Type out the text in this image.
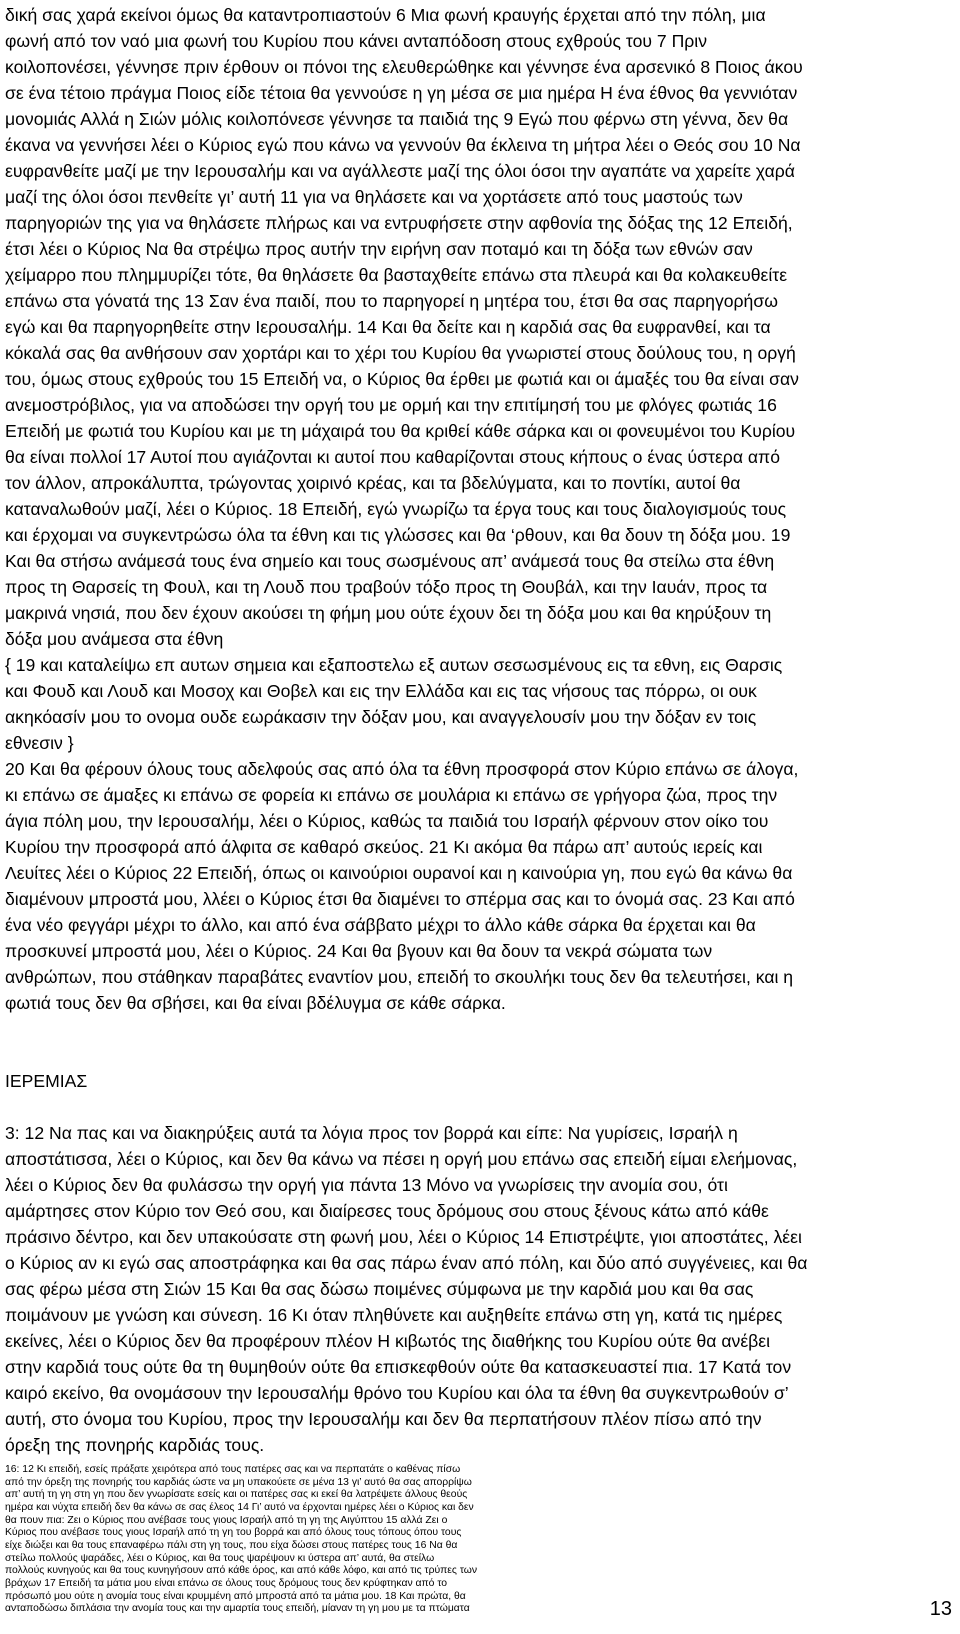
δική σας χαρά εκείνοι όμως θα καταντροπιαστούν 6 Μια φωνή κραυγής έρχεται από την πόλη, μια
φωνή από τον ναό μια φωνή του Κυρίου που κάνει ανταπόδοση στους εχθρούς του 7 Πριν
κοιλοπονέσει, γέννησε πριν έρθουν οι πόνοι της ελευθερώθηκε και γέννησε ένα αρσενικό 8 Ποιος άκου
σε ένα τέτοιο πράγμα Ποιος είδε τέτοια θα γεννούσε η γη μέσα σε μια ημέρα Η ένα έθνος θα γεννιόταν
μονομιάς Αλλά η Σιών μόλις κοιλοπόνεσε γέννησε τα παιδιά της 9 Εγώ που φέρνω στη γέννα, δεν θα
έκανα να γεννήσει λέει ο Κύριος εγώ που κάνω να γεννούν θα έκλεινα τη μήτρα λέει ο Θεός σου 10 Να
ευφρανθείτε μαζί με την Ιερουσαλήμ και να αγάλλεστε μαζί της όλοι όσοι την αγαπάτε να χαρείτε χαρά
μαζί της όλοι όσοι πενθείτε γι’ αυτή 11 για να θηλάσετε και να χορτάσετε από τους μαστούς των
παρηγοριών της για να θηλάσετε πλήρως και να εντρυφήσετε στην αφθονία της δόξας της 12 Επειδή,
έτσι λέει ο Κύριος Να θα στρέψω προς αυτήν την ειρήνη σαν ποταμό και τη δόξα των εθνών σαν
χείμαρρο που πλημμυρίζει τότε, θα θηλάσετε θα βασταχθείτε επάνω στα πλευρά και θα κολακευθείτε
επάνω στα γόνατά της 13 Σαν ένα παιδί, που το παρηγορεί η μητέρα του, έτσι θα σας παρηγορήσω
εγώ και θα παρηγορηθείτε στην Ιερουσαλήμ. 14 Και θα δείτε και η καρδιά σας θα ευφρανθεί, και τα
κόκαλά σας θα ανθήσουν σαν χορτάρι και το χέρι του Κυρίου θα γνωριστεί στους δούλους του, η οργή
του, όμως στους εχθρούς του 15 Επειδή να, ο Κύριος θα έρθει με φωτιά και οι άμαξές του θα είναι σαν
ανεμοστρόβιλος, για να αποδώσει την οργή του με ορμή και την επιτίμησή του με φλόγες φωτιάς 16
Επειδή με φωτιά του Κυρίου και με τη μάχαιρά του θα κριθεί κάθε σάρκα και οι φονευμένοι του Κυρίου
θα είναι πολλοί 17 Αυτοί που αγιάζονται κι αυτοί που καθαρίζονται στους κήπους ο ένας ύστερα από
τον άλλον, απροκάλυπτα, τρώγοντας χοιρινό κρέας, και τα βδελύγματα, και το ποντίκι, αυτοί θα
καταναλωθούν μαζί, λέει ο Κύριος. 18 Επειδή, εγώ γνωρίζω τα έργα τους και τους διαλογισμούς τους
και έρχομαι να συγκεντρώσω όλα τα έθνη και τις γλώσσες και θα ‘ρθουν, και θα δουν τη δόξα μου. 19
Και θα στήσω ανάμεσά τους ένα σημείο και τους σωσμένους απ’ ανάμεσά τους θα στείλω στα έθνη
προς τη Θαρσείς τη Φουλ, και τη Λουδ που τραβούν τόξο προς τη Θουβάλ, και την Ιαυάν, προς τα
μακρινά νησιά, που δεν έχουν ακούσει τη φήμη μου ούτε έχουν δει τη δόξα μου και θα κηρύξουν τη
δόξα μου ανάμεσα στα έθνη
{ 19 και καταλείψω επ αυτων σημεια και εξαποστελω εξ αυτων σεσωσμένους εις τα εθνη, εις Θαρσις
και Φουδ και Λουδ και Μοσοχ και Θοβελ και εις την Ελλάδα και εις τας νήσους τας πόρρω, οι ουκ
ακηκόασίν μου το ονομα ουδε εωράκασιν την δόξαν μου, και αναγγελουσίν μου την δόξαν εν τοις
εθνεσιν }
20 Και θα φέρουν όλους τους αδελφούς σας από όλα τα έθνη προσφορά στον Κύριο επάνω σε άλογα,
κι επάνω σε άμαξες κι επάνω σε φορεία κι επάνω σε μουλάρια κι επάνω σε γρήγορα ζώα, προς την
άγια πόλη μου, την Ιερουσαλήμ, λέει ο Κύριος, καθώς τα παιδιά του Ισραήλ φέρνουν στον οίκο του
Κυρίου την προσφορά από άλφιτα σε καθαρό σκεύος. 21 Κι ακόμα θα πάρω απ’ αυτούς ιερείς και
Λευίτες λέει ο Κύριος 22 Επειδή, όπως οι καινούριοι ουρανοί και η καινούρια γη, που εγώ θα κάνω θα
διαμένουν μπροστά μου, λλέει ο Κύριος έτσι θα διαμένει το σπέρμα σας και το όνομά σας. 23 Και από
ένα νέο φεγγάρι μέχρι το άλλο, και από ένα σάββατο μέχρι το άλλο κάθε σάρκα θα έρχεται και θα
προσκυνεί μπροστά μου, λέει ο Κύριος. 24 Και θα βγουν και θα δουν τα νεκρά σώματα των
ανθρώπων, που στάθηκαν παραβάτες εναντίον μου, επειδή το σκουλήκι τους δεν θα τελευτήσει, και η
φωτιά τους δεν θα σβήσει, και θα είναι βδέλυγμα σε κάθε σάρκα.
ΙΕΡΕΜΙΑΣ
3: 12 Να πας και να διακηρύξεις αυτά τα λόγια προς τον βορρά και είπε: Να γυρίσεις, Ισραήλ η
αποστάτισσα, λέει ο Κύριος, και δεν θα κάνω να πέσει η οργή μου επάνω σας επειδή είμαι ελεήμονας,
λέει ο Κύριος δεν θα φυλάσσω την οργή για πάντα 13 Μόνο να γνωρίσεις την ανομία σου, ότι
αμάρτησες στον Κύριο τον Θεό σου, και διαίρεσες τους δρόμους σου στους ξένους κάτω από κάθε
πράσινο δέντρο, και δεν υπακούσατε στη φωνή μου, λέει ο Κύριος 14 Επιστρέψτε, γιοι αποστάτες, λέει
ο Κύριος αν κι εγώ σας αποστράφηκα και θα σας πάρω έναν από πόλη, και δύο από συγγένειες, και θα
σας φέρω μέσα στη Σιών 15 Και θα σας δώσω ποιμένες σύμφωνα με την καρδιά μου και θα σας
ποιμάνουν με γνώση και σύνεση. 16 Κι όταν πληθύνετε και αυξηθείτε επάνω στη γη, κατά τις ημέρες
εκείνες, λέει ο Κύριος δεν θα προφέρουν πλέον Η κιβωτός της διαθήκης του Κυρίου ούτε θα ανέβει
στην καρδιά τους ούτε θα τη θυμηθούν ούτε θα επισκεφθούν ούτε θα κατασκευαστεί πια. 17 Κατά τον
καιρό εκείνο, θα ονομάσουν την Ιερουσαλήμ θρόνο του Κυρίου και όλα τα έθνη θα συγκεντρωθούν σ’
αυτή, στο όνομα του Κυρίου, προς την Ιερουσαλήμ και δεν θα περπατήσουν πλέον πίσω από την
όρεξη της πονηρής καρδιάς τους.
16: 12 Κι επειδή, εσείς πράξατε χειρότερα από τους πατέρες σας και να περπατάτε ο καθένας πίσω
από την όρεξη της πονηρής του καρδιάς ώστε να μη υπακούετε σε μένα 13 γι’ αυτό θα σας απορρίψω
απ’ αυτή τη γη στη γη που δεν γνωρίσατε εσείς και οι πατέρες σας κι εκεί θα λατρέψετε άλλους θεούς
ημέρα και νύχτα επειδή δεν θα κάνω σε σας έλεος 14 Γι’ αυτό να έρχονται ημέρες λέει ο Κύριος και δεν
θα πουν πια: Ζει ο Κύριος που ανέβασε τους γιους Ισραήλ από τη γη της Αιγύπτου 15 αλλά Ζει ο
Κύριος που ανέβασε τους γιους Ισραήλ από τη γη του βορρά και από όλους τους τόπους όπου τους
είχε διώξει και θα τους επαναφέρω πάλι στη γη τους, που είχα δώσει στους πατέρες τους 16 Να θα
στείλω πολλούς ψαράδες, λέει ο Κύριος, και θα τους ψαρέψουν κι ύστερα απ’ αυτά, θα στείλω
πολλούς κυνηγούς και θα τους κυνηγήσουν από κάθε όρος, και από κάθε λόφο, και από τις τρύπες των
βράχων 17 Επειδή τα μάτια μου είναι επάνω σε όλους τους δρόμους τους δεν κρύφτηκαν από το
πρόσωπό μου ούτε η ανομία τους είναι κρυμμένη από μπροστά από τα μάτια μου. 18 Και πρώτα, θα
ανταποδώσω διπλάσια την ανομία τους και την αμαρτία τους επειδή, μίαναν τη γη μου με τα πτώματα	13
